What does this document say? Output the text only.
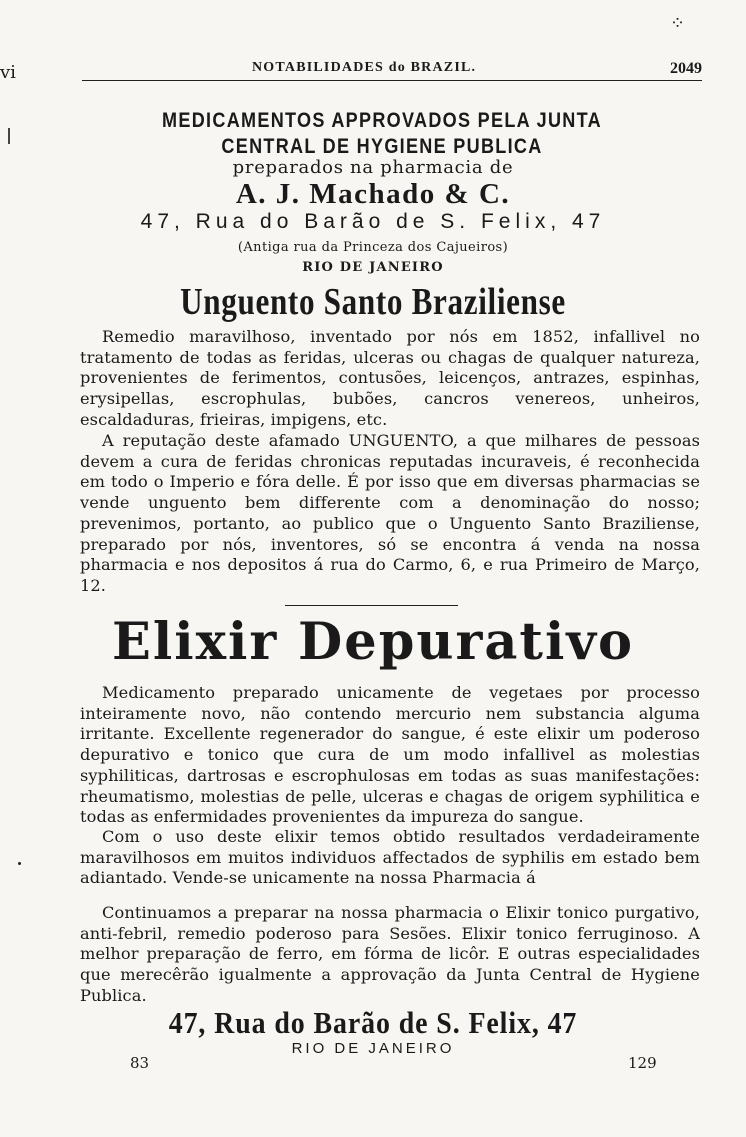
ⅵ
⁘
NOTABILIDADES do BRAZIL.	2049
MEDICAMENTOS APPROVADOS PELA JUNTA CENTRAL DE HYGIENE PUBLICA
preparados na pharmacia de
A. J. Machado & C.
47, Rua do Barão de S. Felix, 47
(Antiga rua da Princeza dos Cajueiros)
RIO DE JANEIRO
Unguento Santo Braziliense
Remedio maravilhoso, inventado por nós em 1852, infallivel no tratamento de todas as feridas, ulceras ou chagas de qualquer natureza, provenientes de ferimentos, contusões, leicenços, antrazes, espinhas, erysipellas, escrophulas, bubões, cancros venereos, unheiros, escaldaduras, frieiras, impigens, etc.
A reputação deste afamado UNGUENTO, a que milhares de pessoas devem a cura de feridas chronicas reputadas incuraveis, é reconhecida em todo o Imperio e fóra delle. É por isso que em diversas pharmacias se vende unguento bem differente com a denominação do nosso; prevenimos, portanto, ao publico que o Unguento Santo Braziliense, preparado por nós, inventores, só se encontra á venda na nossa pharmacia e nos depositos á rua do Carmo, 6, e rua Primeiro de Março, 12.
Elixir Depurativo
Medicamento preparado unicamente de vegetaes por processo inteiramente novo, não contendo mercurio nem substancia alguma irritante. Excellente regenerador do sangue, é este elixir um poderoso depurativo e tonico que cura de um modo infallivel as molestias syphiliticas, dartrosas e escrophulosas em todas as suas manifestações: rheumatismo, molestias de pelle, ulceras e chagas de origem syphilitica e todas as enfermidades provenientes da impureza do sangue.
Com o uso deste elixir temos obtido resultados verdadeiramente maravilhosos em muitos individuos affectados de syphilis em estado bem adiantado. Vende-se unicamente na nossa Pharmacia á
Continuamos a preparar na nossa pharmacia o Elixir tonico purgativo, anti-febril, remedio poderoso para Sesões. Elixir tonico ferruginoso. A melhor preparação de ferro, em fórma de licôr. E outras especialidades que merecêrão igualmente a approvação da Junta Central de Hygiene Publica.
47, Rua do Barão de S. Felix, 47
RIO DE JANEIRO
83	129
